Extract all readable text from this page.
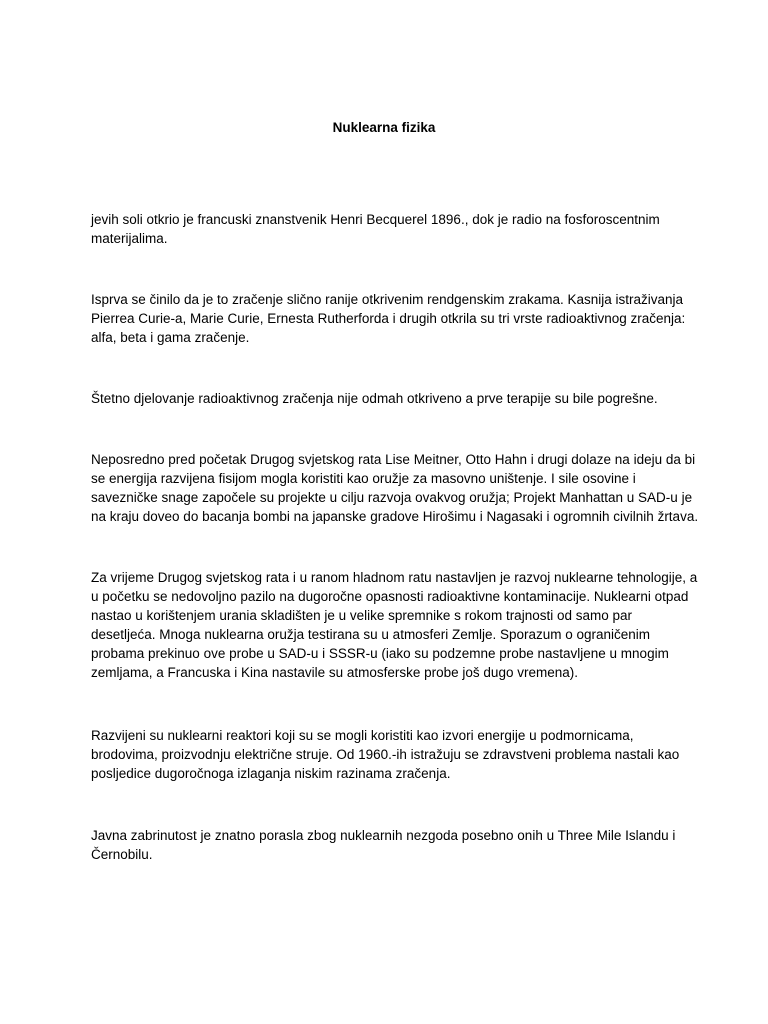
Nuklearna fizika

jevih soli otkrio je francuski znanstvenik Henri Becquerel 1896., dok je radio na fosforoscentnim
materijalima.

Isprva se činilo da je to zračenje slično ranije otkrivenim rendgenskim zrakama. Kasnija istraživanja
Pierrea Curie-a, Marie Curie, Ernesta Rutherforda i drugih otkrila su tri vrste radioaktivnog zračenja:
alfa, beta i gama zračenje.

Štetno djelovanje radioaktivnog zračenja nije odmah otkriveno a prve terapije su bile pogrešne.

Neposredno pred početak Drugog svjetskog rata Lise Meitner, Otto Hahn i drugi dolaze na ideju da bi
se energija razvijena fisijom mogla koristiti kao oružje za masovno uništenje. I sile osovine i
savezničke snage započele su projekte u cilju razvoja ovakvog oružja; Projekt Manhattan u SAD-u je
na kraju doveo do bacanja bombi na japanske gradove Hirošimu i Nagasaki i ogromnih civilnih žrtava.

Za vrijeme Drugog svjetskog rata i u ranom hladnom ratu nastavljen je razvoj nuklearne tehnologije, a
u početku se nedovoljno pazilo na dugoročne opasnosti radioaktivne kontaminacije. Nuklearni otpad
nastao u korištenjem urania skladišten je u velike spremnike s rokom trajnosti od samo par
desetljeća. Mnoga nuklearna oružja testirana su u atmosferi Zemlje. Sporazum o ograničenim
probama prekinuo ove probe u SAD-u i SSSR-u (iako su podzemne probe nastavljene u mnogim
zemljama, a Francuska i Kina nastavile su atmosferske probe još dugo vremena).

Razvijeni su nuklearni reaktori koji su se mogli koristiti kao izvori energije u podmornicama,
brodovima, proizvodnju električne struje. Od 1960.-ih istražuju se zdravstveni problema nastali kao
posljedice dugoročnoga izlaganja niskim razinama zračenja.

Javna zabrinutost je znatno porasla zbog nuklearnih nezgoda posebno onih u Three Mile Islandu i
Černobilu.
